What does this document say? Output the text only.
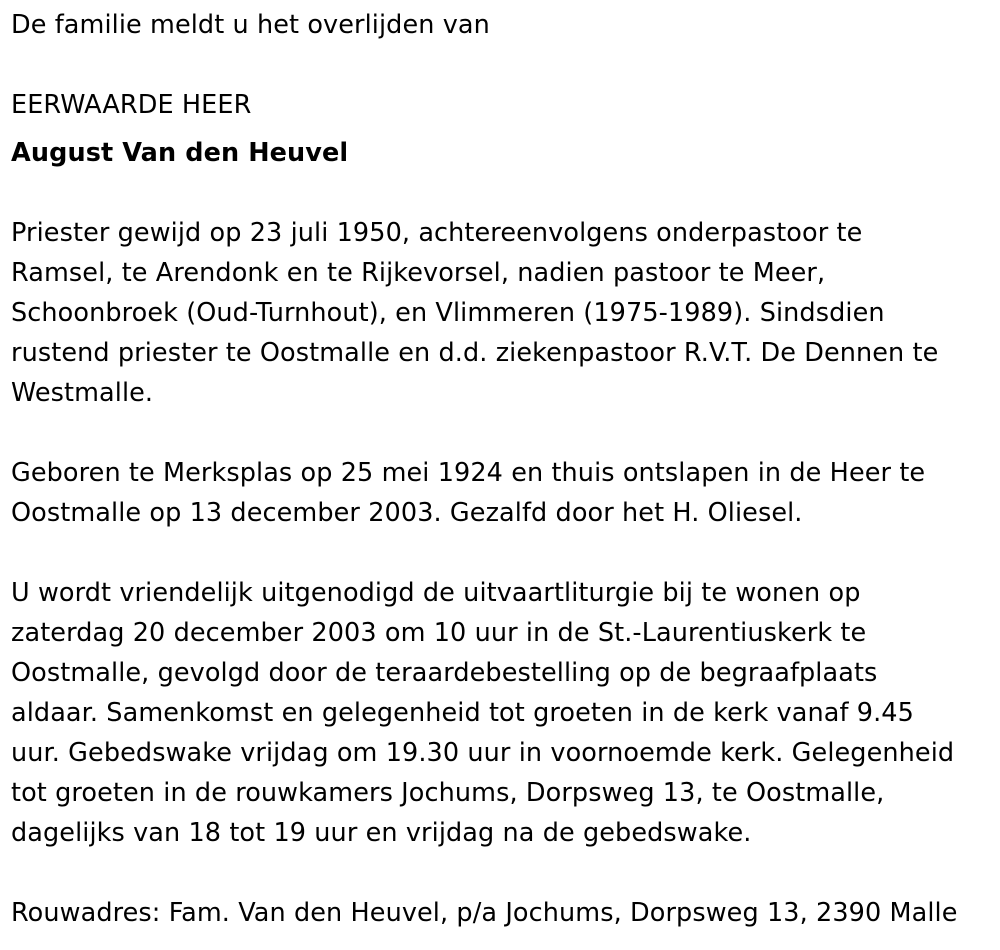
De familie meldt u het overlijden van

EERWAARDE HEER

August Van den Heuvel

Priester gewijd op 23 juli 1950, achtereenvolgens onderpastoor te

Ramsel, te Arendonk en te Rijkevorsel, nadien pastoor te Meer,

Schoonbroek (Oud-Turnhout), en Vlimmeren (1975-1989). Sindsdien

rustend priester te Oostmalle en d.d. ziekenpastoor R.V.T. De Dennen te

Westmalle.

Geboren te Merksplas op 25 mei 1924 en thuis ontslapen in de Heer te

Oostmalle op 13 december 2003. Gezalfd door het H. Oliesel.

U wordt vriendelijk uitgenodigd de uitvaartliturgie bij te wonen op

zaterdag 20 december 2003 om 10 uur in de St.-Laurentiuskerk te

Oostmalle, gevolgd door de teraardebestelling op de begraafplaats

aldaar. Samenkomst en gelegenheid tot groeten in de kerk vanaf 9.45

uur. Gebedswake vrijdag om 19.30 uur in voornoemde kerk. Gelegenheid

tot groeten in de rouwkamers Jochums, Dorpsweg 13, te Oostmalle,

dagelijks van 18 tot 19 uur en vrijdag na de gebedswake.

Rouwadres: Fam. Van den Heuvel, p/a Jochums, Dorpsweg 13, 2390 Malle
